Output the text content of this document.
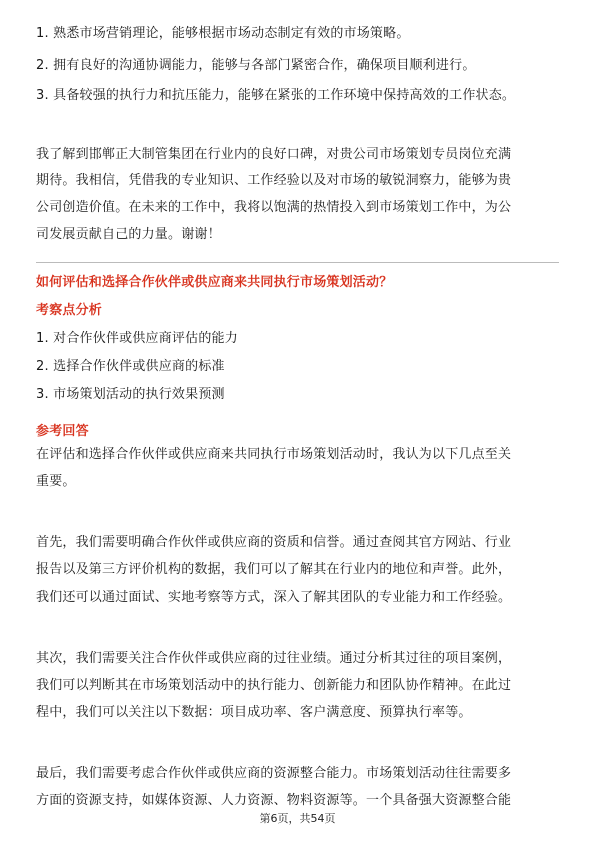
1. 熟悉市场营销理论，能够根据市场动态制定有效的市场策略。
2. 拥有良好的沟通协调能力，能够与各部门紧密合作，确保项目顺利进行。
3. 具备较强的执行力和抗压能力，能够在紧张的工作环境中保持高效的工作状态。
我了解到邯郸正大制管集团在行业内的良好口碑，对贵公司市场策划专员岗位充满
期待。我相信，凭借我的专业知识、工作经验以及对市场的敏锐洞察力，能够为贵
公司创造价值。在未来的工作中，我将以饱满的热情投入到市场策划工作中，为公
司发展贡献自己的力量。谢谢！
如何评估和选择合作伙伴或供应商来共同执行市场策划活动？
考察点分析
1. 对合作伙伴或供应商评估的能力
2. 选择合作伙伴或供应商的标准
3. 市场策划活动的执行效果预测
参考回答
在评估和选择合作伙伴或供应商来共同执行市场策划活动时，我认为以下几点至关
重要。
首先，我们需要明确合作伙伴或供应商的资质和信誉。通过查阅其官方网站、行业
报告以及第三方评价机构的数据，我们可以了解其在行业内的地位和声誉。此外，
我们还可以通过面试、实地考察等方式，深入了解其团队的专业能力和工作经验。
其次，我们需要关注合作伙伴或供应商的过往业绩。通过分析其过往的项目案例，
我们可以判断其在市场策划活动中的执行能力、创新能力和团队协作精神。在此过
程中，我们可以关注以下数据：项目成功率、客户满意度、预算执行率等。
最后，我们需要考虑合作伙伴或供应商的资源整合能力。市场策划活动往往需要多
方面的资源支持，如媒体资源、人力资源、物料资源等。一个具备强大资源整合能
第6页，共54页
